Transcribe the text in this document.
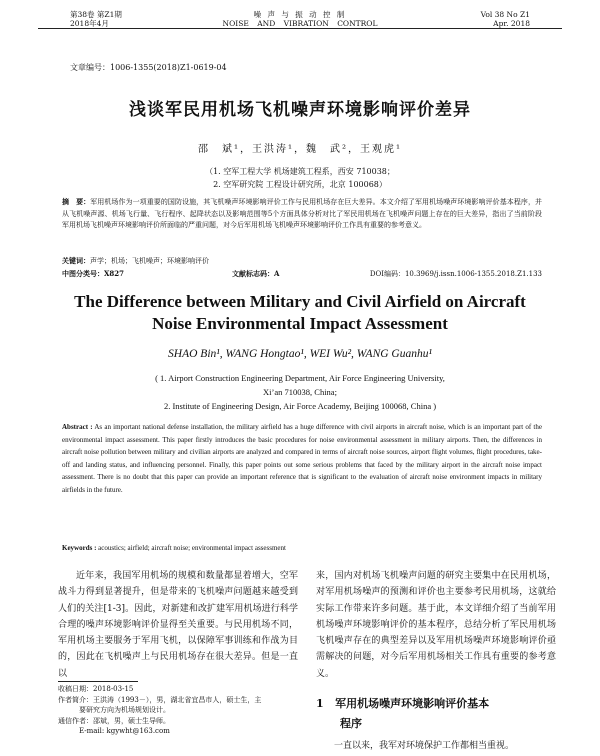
第38卷 第Z1期
2018年4月
噪 声 与 振 动 控 制
NOISE AND VIBRATION CONTROL
Vol 38 No Z1
Apr. 2018
文章编号：1006-1355(2018)Z1-0619-04
浅谈军民用机场飞机噪声环境影响评价差异
邵　斌¹，王洪涛¹，魏　武²，王观虎¹
（1. 空军工程大学 机场建筑工程系，西安 710038；
2. 空军研究院 工程设计研究所，北京 100068）
摘　要：军用机场作为一项重要的国防设施，其飞机噪声环境影响评价工作与民用机场存在巨大差异。本文介绍了军用机场噪声环境影响评价基本程序，并从飞机噪声源、机场飞行量、飞行程序、起降状态以及影响范围等5个方面具体分析对比了军民用机场在飞机噪声问题上存在的巨大差异，指出了当前阶段军用机场飞机噪声环境影响评价所面临的严重问题，对今后军用机场飞机噪声环境影响评价工作具有重要的参考意义。
关键词：声学；机场；飞机噪声；环境影响评价
中图分类号：X827	文献标志码：A	DOI编码：10.3969/j.issn.1006-1355.2018.Z1.133
The Difference between Military and Civil Airfield on Aircraft
Noise Environmental Impact Assessment
SHAO Bin¹, WANG Hongtao¹, WEI Wu², WANG Guanhu¹
( 1. Airport Construction Engineering Department, Air Force Engineering University,
Xi’an 710038, China;
2. Institute of Engineering Design, Air Force Academy, Beijing 100068, China )
Abstract : As an important national defense installation, the military airfield has a huge difference with civil airports in aircraft noise, which is an important part of the environmental impact assessment. This paper firstly introduces the basic procedures for noise environmental assessment in military airports. Then, the differences in aircraft noise pollution between military and civilian airports are analyzed and compared in terms of aircraft noise sources, airport flight volumes, flight procedures, take-off and landing status, and influencing personnel. Finally, this paper points out some serious problems that faced by the military airport in the aircraft noise impact assessment. There is no doubt that this paper can provide an important reference that is significant to the evaluation of aircraft noise environment impacts in military airfields in the future.
Keywords : acoustics; airfield; aircraft noise; environmental impact assessment
近年来，我国军用机场的规模和数量都显着增大，空军战斗力得到显著提升，但是带来的飞机噪声问题越来越受到人们的关注[1-3]。因此，对新建和改扩建军用机场进行科学合理的噪声环境影响评价显得至关重要。与民用机场不同，军用机场主要服务于军用飞机，以保障军事训练和作战为目的，因此在飞机噪声上与民用机场存在很大差异。但是一直以
来，国内对机场飞机噪声问题的研究主要集中在民用机场，对军用机场噪声的预测和评价也主要参考民用机场，这就给实际工作带来许多问题。基于此，本文详细介绍了当前军用机场噪声环境影响评价的基本程序，总结分析了军民用机场飞机噪声存在的典型差异以及军用机场噪声环境影响评价亟需解决的问题，对今后军用机场相关工作具有重要的参考意义。
收稿日期：2018-03-15
作者简介：王洪涛（1993－），男，湖北省宜昌市人，硕士生，主
要研究方向为机场规划设计。
通信作者：邵斌，男，硕士生导师。
E-mail: kgywht@163.com
1 军用机场噪声环境影响评价基本
程序
一直以来，我军对环境保护工作都相当重视。
